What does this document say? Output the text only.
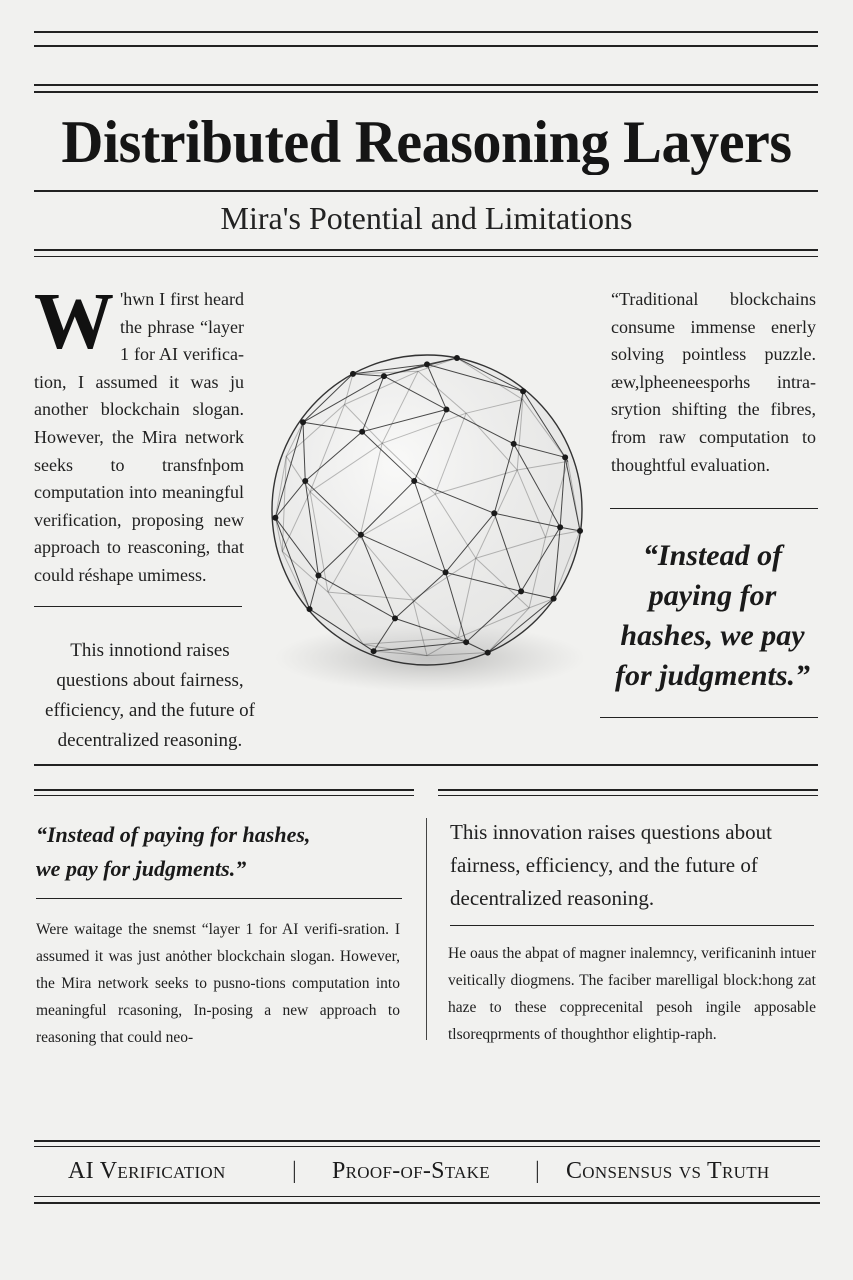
Distributed Reasoning Layers
Mira's Potential and Limitations
W 'hwn I first heard the phrase “layer 1 for AI verifica-tion, I assumed it was ju another blockchain slogan. However, the Mira network seeks to transfnþom computation into meaningful verification, proposing new approach to reasconing, that could réshape umimess.
This innotiond raises questions about fairness, efficiency, and the future of decentralized reasoning.
“Traditional blockchains consume immense enerly solving pointless puzzle. æw,lpheeneesporhs intra-srytion shifting the fibres, from raw computation to thoughtful evaluation.
“Instead of paying for hashes, we pay for judgments.”
“Instead of paying for hashes,
we pay for judgments.”
Were waitage the snemst “layer 1 for AI verifi-sration. I assumed it was just anȯther blockchain slogan. However, the Mira network seeks to pusno-tions computation into meaningful rcasoning, In-posing a new approach to reasoning that could neo-
This innovation raises questions about fairness, efficiency, and the future of decentralized reasoning.
He oaus the abpat of magner inalemncy, verificaninh intuer veitically diogmens. The faciber marelligal block:hong zat haze to these copprecenital pesoh ingile apposable tlsoreqprments of thoughthor elightip-raph.
AI Verification	| Proof-of-Stake | Consensus vs Truth
